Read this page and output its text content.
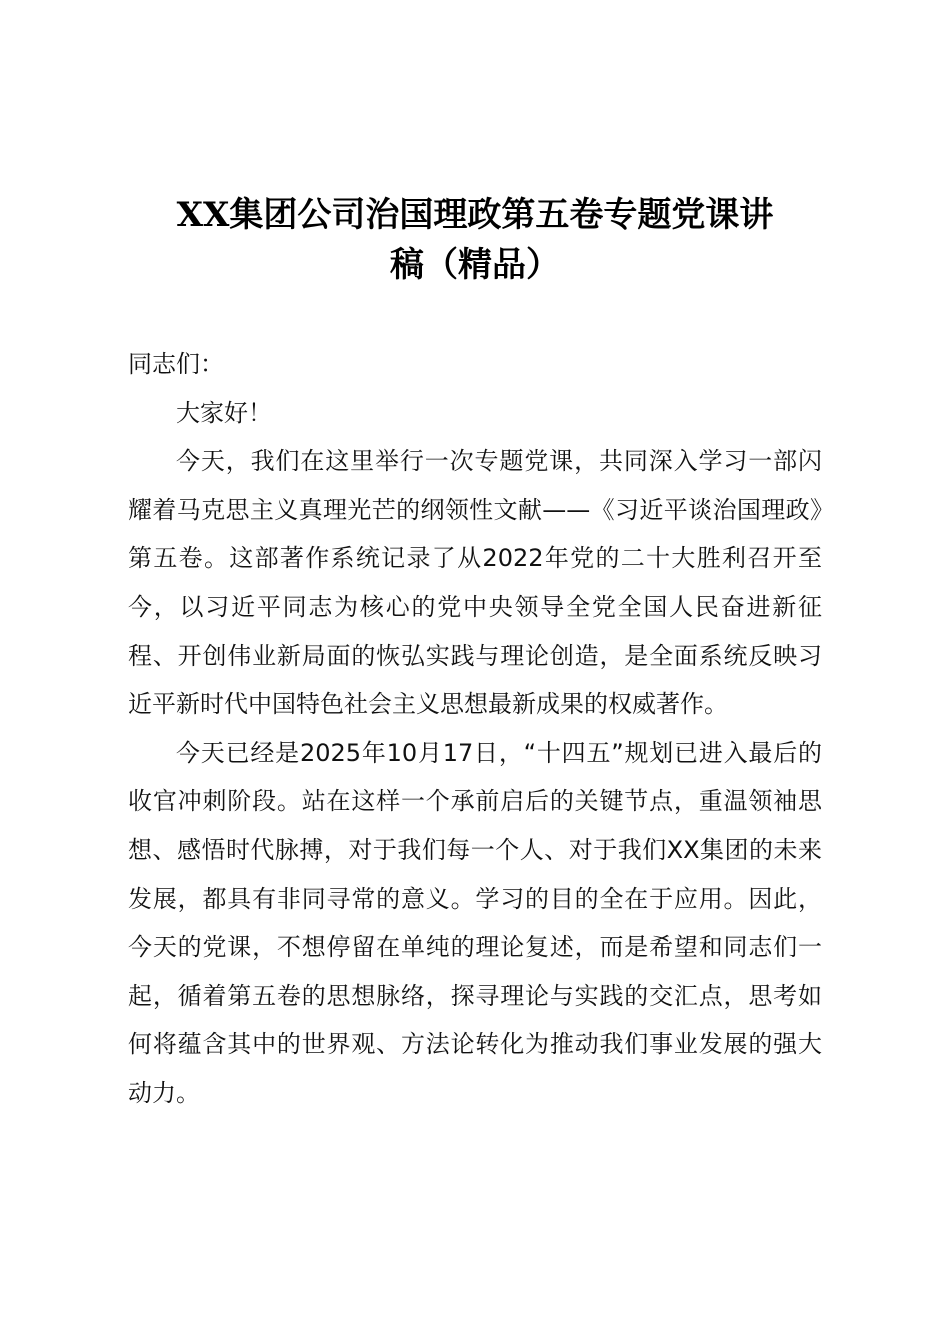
XX集团公司治国理政第五卷专题党课讲
稿（精品）

同志们：

大家好！

今天，我们在这里举行一次专题党课，共同深入学习一部闪耀着马克思主义真理光芒的纲领性文献——《习近平谈治国理政》第五卷。这部著作系统记录了从2022年党的二十大胜利召开至今，以习近平同志为核心的党中央领导全党全国人民奋进新征程、开创伟业新局面的恢弘实践与理论创造，是全面系统反映习近平新时代中国特色社会主义思想最新成果的权威著作。

今天已经是2025年10月17日，“十四五”规划已进入最后的收官冲刺阶段。站在这样一个承前启后的关键节点，重温领袖思想、感悟时代脉搏，对于我们每一个人、对于我们XX集团的未来发展，都具有非同寻常的意义。学习的目的全在于应用。因此，今天的党课，不想停留在单纯的理论复述，而是希望和同志们一起，循着第五卷的思想脉络，探寻理论与实践的交汇点，思考如何将蕴含其中的世界观、方法论转化为推动我们事业发展的强大动力。
